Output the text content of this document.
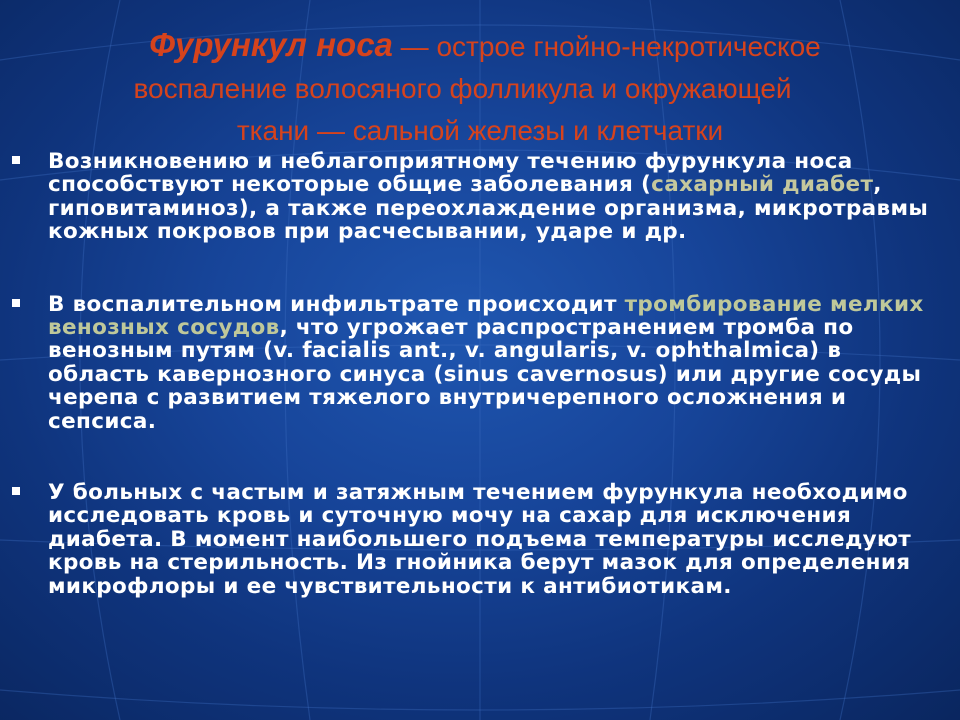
Фурункул носа — острое гнойно-некротическое
воспаление волосяного фолликула и окружающей
ткани — сальной железы и клетчатки
Возникновению и неблагоприятному течению фурункула носа способствуют некоторые общие заболевания (сахарный диабет, гиповитаминоз), а также переохлаждение организма, микротравмы кожных покровов при расчесывании, ударе и др.
В воспалительном инфильтрате происходит тромбирование мелких венозных сосудов, что угрожает распространением тромба по венозным путям (v. facialis ant., v. angularis, v. ophthalmica) в область кавернозного синуса (sinus cavernosus) или другие сосуды черепа с развитием тяжелого внутричерепного осложнения и сепсиса.
У больных с частым и затяжным течением фурункула необходимо исследовать кровь и суточную мочу на сахар для исключения диабета. В момент наибольшего подъема температуры исследуют кровь на стерильность. Из гнойника берут мазок для определения микрофлоры и ее чувствительности к антибиотикам.
